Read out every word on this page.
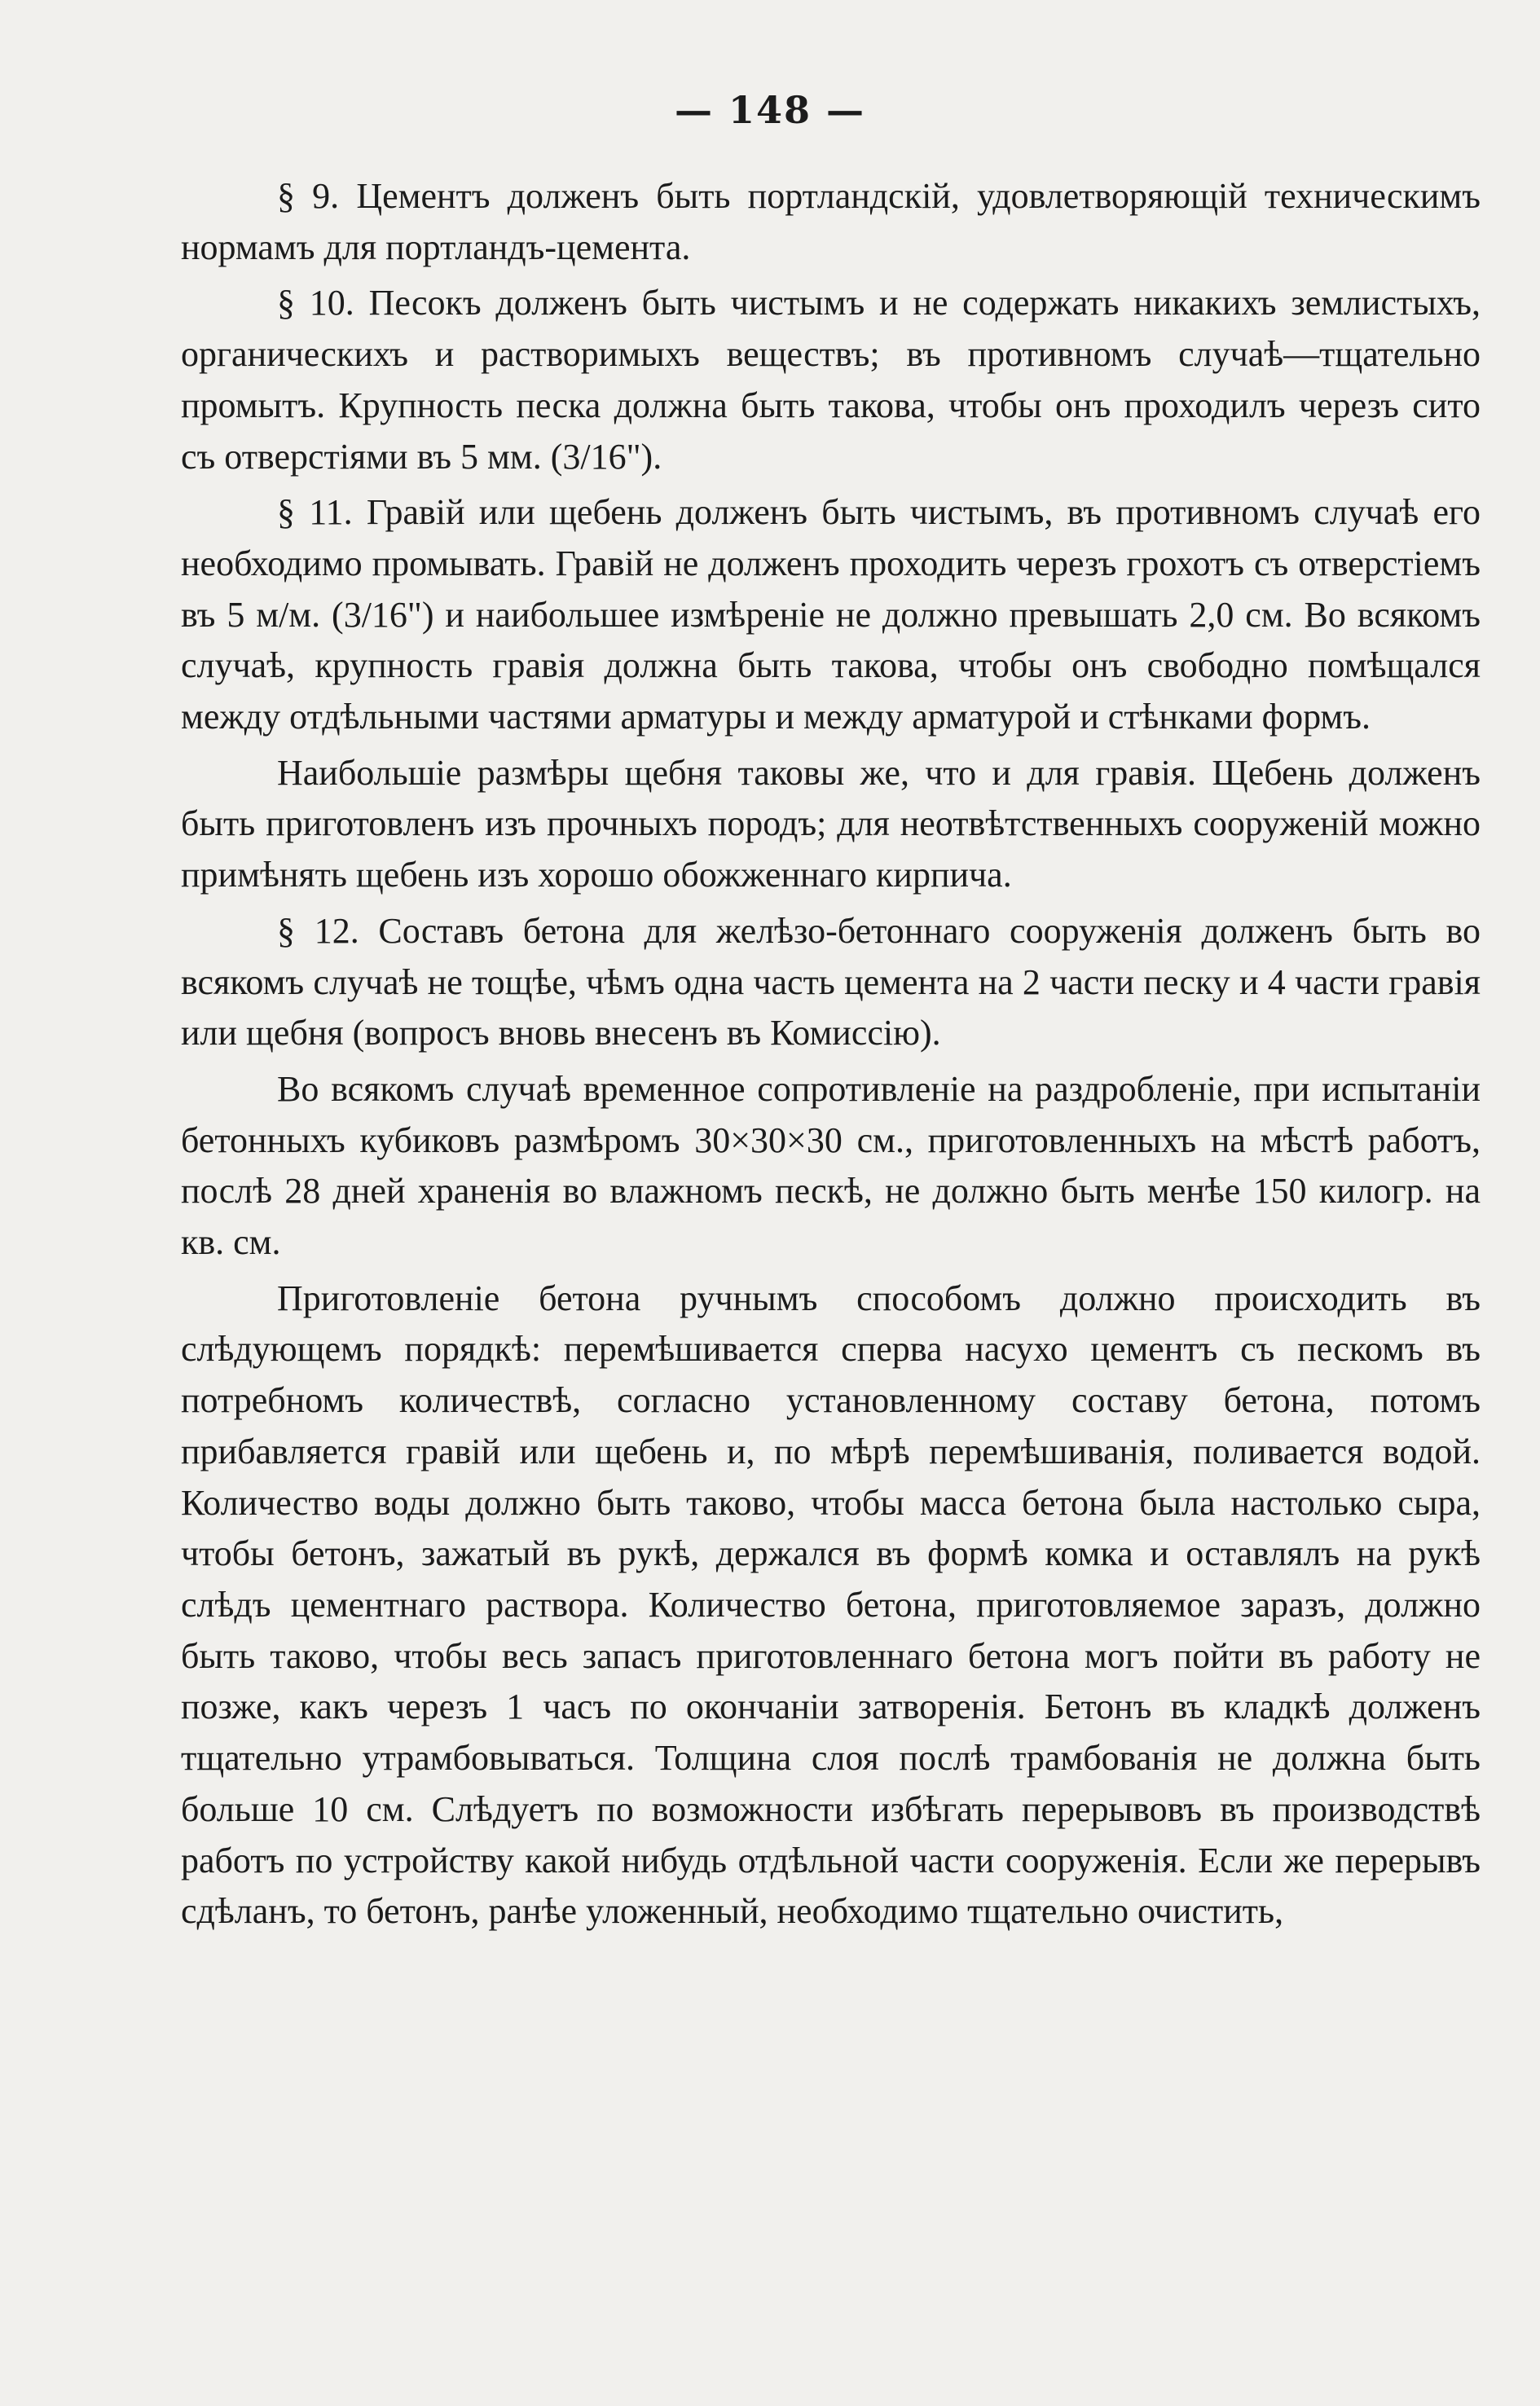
— 148 —

§ 9. Цементъ долженъ быть портландскій, удовлетворяющій техническимъ нормамъ для портландъ-цемента.

§ 10. Песокъ долженъ быть чистымъ и не содержать никакихъ землистыхъ, органическихъ и растворимыхъ веществъ; въ противномъ случаѣ—тщательно промытъ. Крупность песка должна быть такова, чтобы онъ проходилъ черезъ сито съ отверстіями въ 5 мм. (3/16").

§ 11. Гравій или щебень долженъ быть чистымъ, въ противномъ случаѣ его необходимо промывать. Гравій не долженъ проходить черезъ грохотъ съ отверстіемъ въ 5 м/м. (3/16") и наибольшее измѣреніе не должно превышать 2,0 см. Во всякомъ случаѣ, крупность гравія должна быть такова, чтобы онъ свободно помѣщался между отдѣльными частями арматуры и между арматурой и стѣнками формъ.

Наибольшіе размѣры щебня таковы же, что и для гравія. Щебень долженъ быть приготовленъ изъ прочныхъ породъ; для неотвѣтственныхъ сооруженій можно примѣнять щебень изъ хорошо обожженнаго кирпича.

§ 12. Составъ бетона для желѣзо-бетоннаго сооруженія долженъ быть во всякомъ случаѣ не тощѣе, чѣмъ одна часть цемента на 2 части песку и 4 части гравія или щебня (вопросъ вновь внесенъ въ Комиссію).

Во всякомъ случаѣ временное сопротивленіе на раздробленіе, при испытаніи бетонныхъ кубиковъ размѣромъ 30×30×30 см., приготовленныхъ на мѣстѣ работъ, послѣ 28 дней храненія во влажномъ пескѣ, не должно быть менѣе 150 килогр. на кв. см.

Приготовленіе бетона ручнымъ способомъ должно происходить въ слѣдующемъ порядкѣ: перемѣшивается сперва насухо цементъ съ пескомъ въ потребномъ количествѣ, согласно установленному составу бетона, потомъ прибавляется гравій или щебень и, по мѣрѣ перемѣшиванія, поливается водой. Количество воды должно быть таково, чтобы масса бетона была настолько сыра, чтобы бетонъ, зажатый въ рукѣ, держался въ формѣ комка и оставлялъ на рукѣ слѣдъ цементнаго раствора. Количество бетона, приготовляемое заразъ, должно быть таково, чтобы весь запасъ приготовленнаго бетона могъ пойти въ работу не позже, какъ черезъ 1 часъ по окончаніи затворенія. Бетонъ въ кладкѣ долженъ тщательно утрамбовываться. Толщина слоя послѣ трамбованія не должна быть больше 10 см. Слѣдуетъ по возможности избѣгать перерывовъ въ производствѣ работъ по устройству какой нибудь отдѣльной части сооруженія. Если же перерывъ сдѣланъ, то бетонъ, ранѣе уложенный, необходимо тщательно очистить,
